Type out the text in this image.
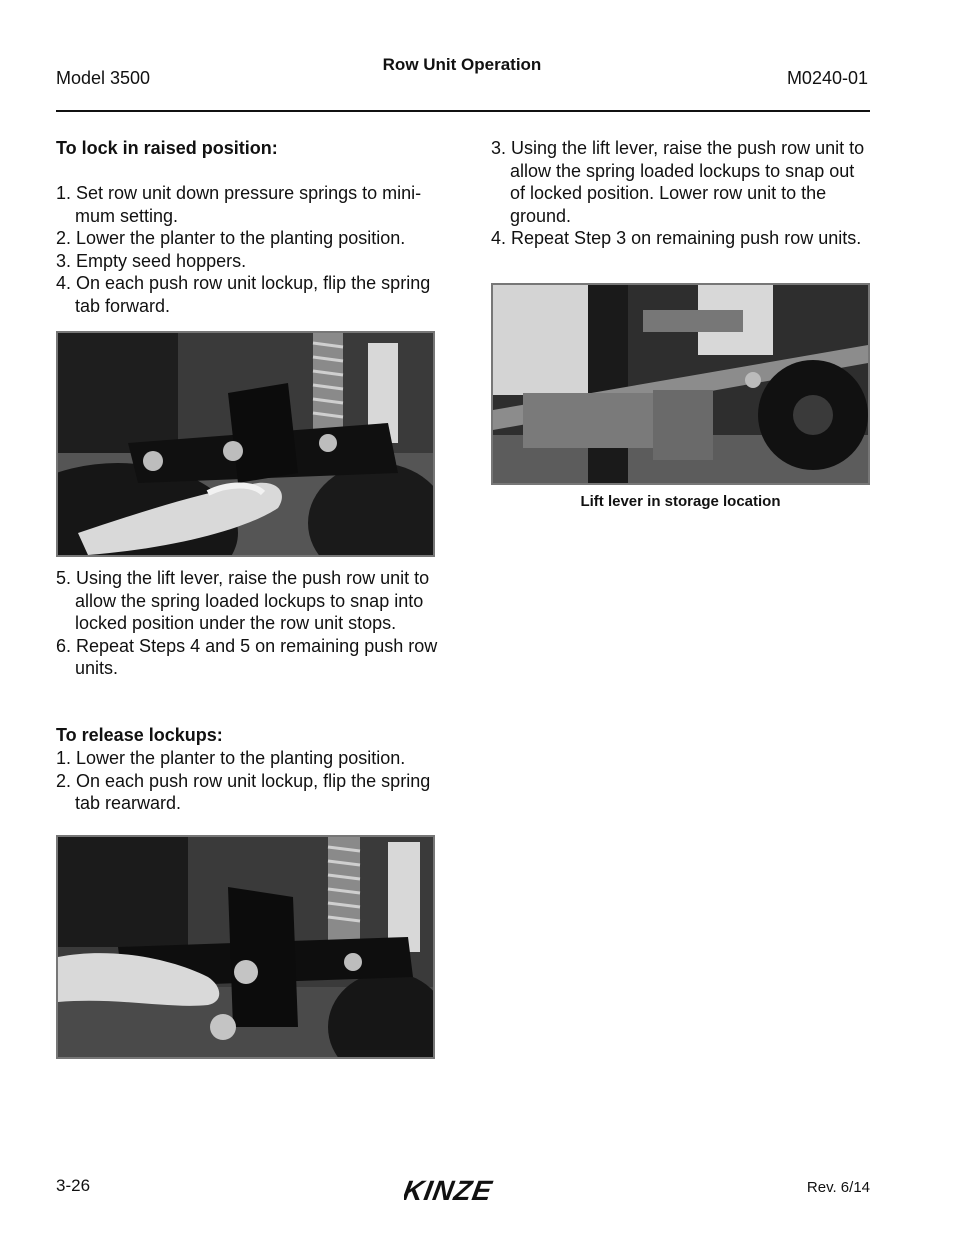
Model 3500
Row Unit Operation
M0240-01
To lock in raised position:
1. Set row unit down pressure springs to mini-mum setting.
2. Lower the planter to the planting position.
3. Empty seed hoppers.
4. On each push row unit lockup, flip the spring tab forward.
5. Using the lift lever, raise the push row unit to allow the spring loaded lockups to snap into locked position under the row unit stops.
6. Repeat Steps 4 and 5 on remaining push row units.
To release lockups:
1. Lower the planter to the planting position.
2. On each push row unit lockup, flip the spring tab rearward.
3. Using the lift lever, raise the push row unit to allow the spring loaded lockups to snap out of locked position. Lower row unit to the ground.
4. Repeat Step 3 on remaining push row units.
Lift lever in storage location
3-26	KINZE	Rev. 6/14
